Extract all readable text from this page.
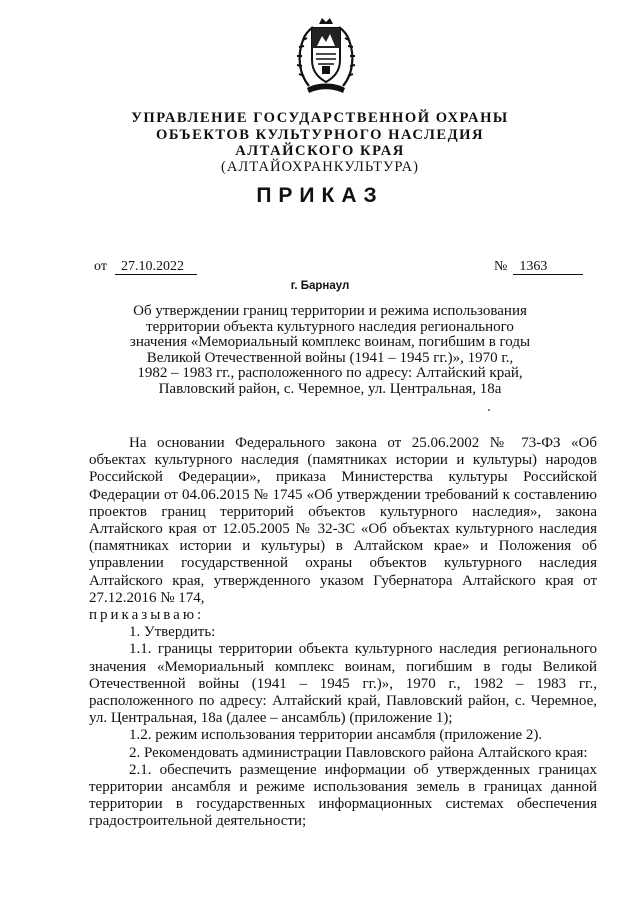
УПРАВЛЕНИЕ ГОСУДАРСТВЕННОЙ ОХРАНЫ
ОБЪЕКТОВ КУЛЬТУРНОГО НАСЛЕДИЯ
АЛТАЙСКОГО КРАЯ
(АЛТАЙОХРАНКУЛЬТУРА)
ПРИКАЗ
от 27.10.2022	№ 1363
г. Барнаул
Об утверждении границ территории и режима использования
территории объекта культурного наследия регионального
значения «Мемориальный комплекс воинам, погибшим в годы
Великой Отечественной войны (1941 – 1945 гг.)», 1970 г.,
1982 – 1983 гг., расположенного по адресу: Алтайский край,
Павловский район, с. Черемное, ул. Центральная, 18а

На основании Федерального закона от 25.06.2002 № 73-ФЗ «Об объектах культурного наследия (памятниках истории и культуры) народов Российской Федерации», приказа Министерства культуры Российской Федерации от 04.06.2015 № 1745 «Об утверждении требований к составлению проектов границ территорий объектов культурного наследия», закона Алтайского края от 12.05.2005 № 32-ЗС «Об объектах культурного наследия (памятниках истории и культуры) в Алтайском крае» и Положения об управлении государственной охраны объектов культурного наследия Алтайского края, утвержденного указом Губернатора Алтайского края от 27.12.2016 № 174,

приказываю:

1. Утвердить:

1.1. границы территории объекта культурного наследия регионального значения «Мемориальный комплекс воинам, погибшим в годы Великой Отечественной войны (1941 – 1945 гг.)», 1970 г., 1982 – 1983 гг., расположенного по адресу: Алтайский край, Павловский район, с. Черемное, ул. Центральная, 18а (далее – ансамбль) (приложение 1);

1.2. режим использования территории ансамбля (приложение 2).

2. Рекомендовать администрации Павловского района Алтайского края:

2.1. обеспечить размещение информации об утвержденных границах территории ансамбля и режиме использования земель в границах данной территории в государственных информационных системах обеспечения градостроительной деятельности;
